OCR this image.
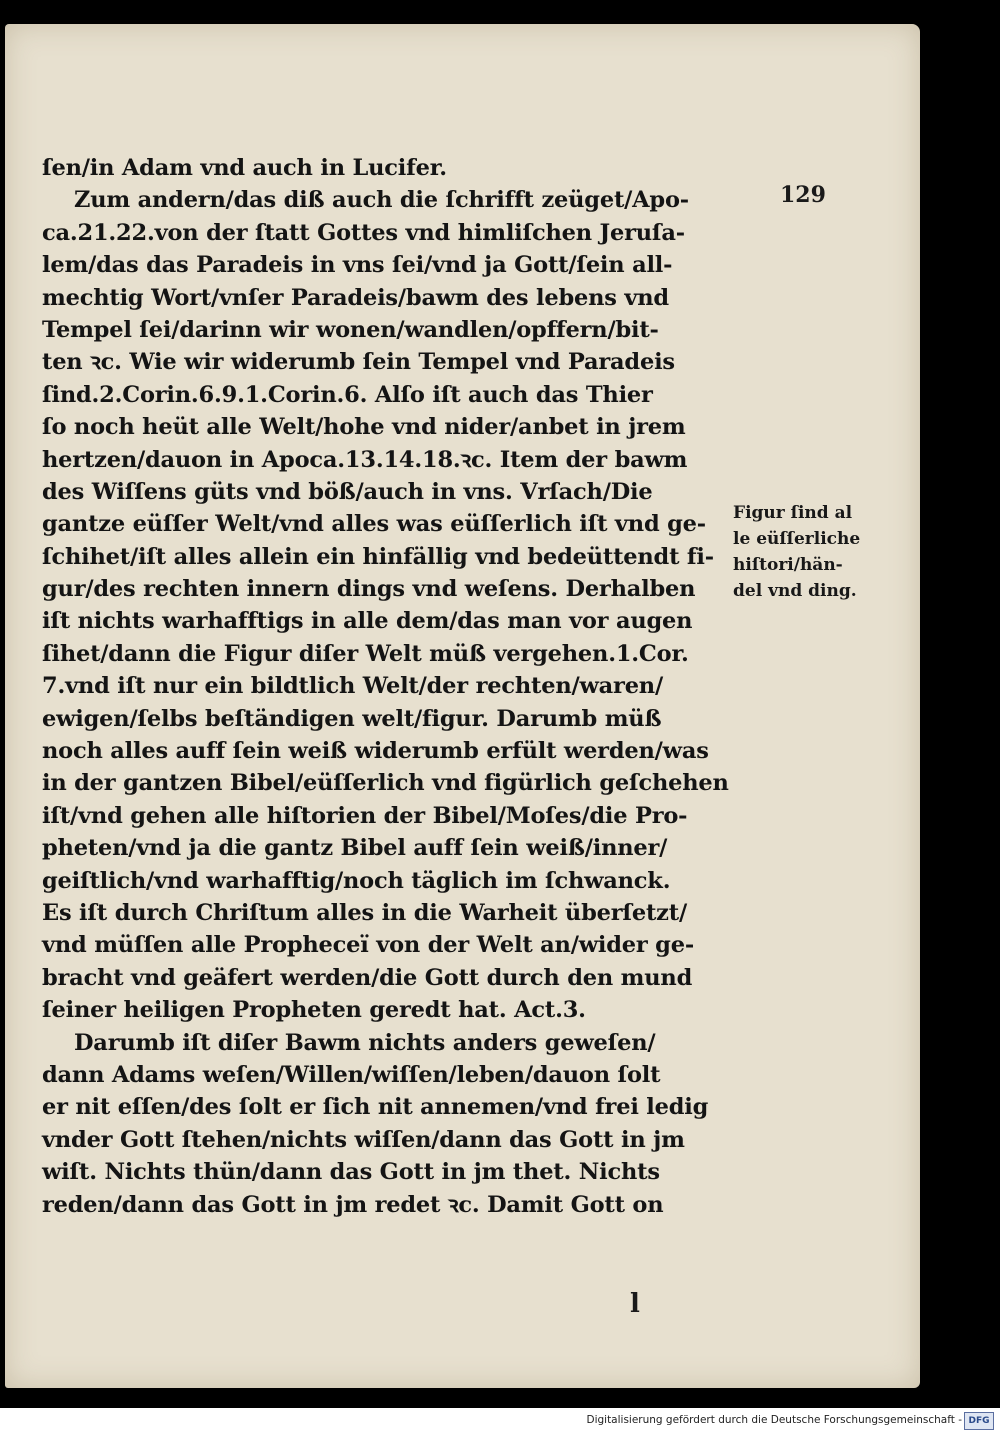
129
ſen/in Adam vnd auch in Lucifer.
Zum andern/das diß auch die ſchrifft zeüget/Apo-
ca.21.22.von der ſtatt Gottes vnd himliſchen Jeruſa-
lem/das das Paradeis in vns ſei/vnd ja Gott/ſein all-
mechtig Wort/vnſer Paradeis/bawm des lebens vnd
Tempel ſei/darinn wir wonen/wandlen/opffern/bit-
ten ꝛc. Wie wir widerumb ſein Tempel vnd Paradeis
ſind.2.Corin.6.9.1.Corin.6. Alſo iſt auch das Thier
ſo noch heüt alle Welt/hohe vnd nider/anbet in jrem
hertzen/dauon in Apoca.13.14.18.ꝛc. Item der bawm
des Wiſſens güts vnd böß/auch in vns. Vrſach/Die
gantze eüſſer Welt/vnd alles was eüſſerlich iſt vnd ge-
ſchihet/iſt alles allein ein hinfällig vnd bedeüttendt fi-
gur/des rechten innern dings vnd weſens. Derhalben
iſt nichts warhafftigs in alle dem/das man vor augen
ſihet/dann die Figur diſer Welt müß vergehen.1.Cor.
7.vnd iſt nur ein bildtlich Welt/der rechten/waren/
ewigen/ſelbs beſtändigen welt/figur. Darumb müß
noch alles auff ſein weiß widerumb erfült werden/was
in der gantzen Bibel/eüſſerlich vnd figürlich geſchehen
iſt/vnd gehen alle hiſtorien der Bibel/Moſes/die Pro-
pheten/vnd ja die gantz Bibel auff ſein weiß/inner/
geiſtlich/vnd warhafftig/noch täglich im ſchwanck.
Es iſt durch Chriſtum alles in die Warheit überſetzt/
vnd müſſen alle Propheceï von der Welt an/wider ge-
bracht vnd geäfert werden/die Gott durch den mund
ſeiner heiligen Propheten geredt hat. Act.3.
Darumb iſt diſer Bawm nichts anders geweſen/
dann Adams weſen/Willen/wiſſen/leben/dauon ſolt
er nit eſſen/des ſolt er ſich nit annemen/vnd frei ledig
vnder Gott ſtehen/nichts wiſſen/dann das Gott in jm
wiſt. Nichts thün/dann das Gott in jm thet. Nichts
reden/dann das Gott in jm redet ꝛc. Damit Gott on
Figur ſind al
le eüſſerliche
hiſtori/hän-
del vnd ding.
l
Digitalisierung gefördert durch die Deutsche Forschungsgemeinschaft - DFG
